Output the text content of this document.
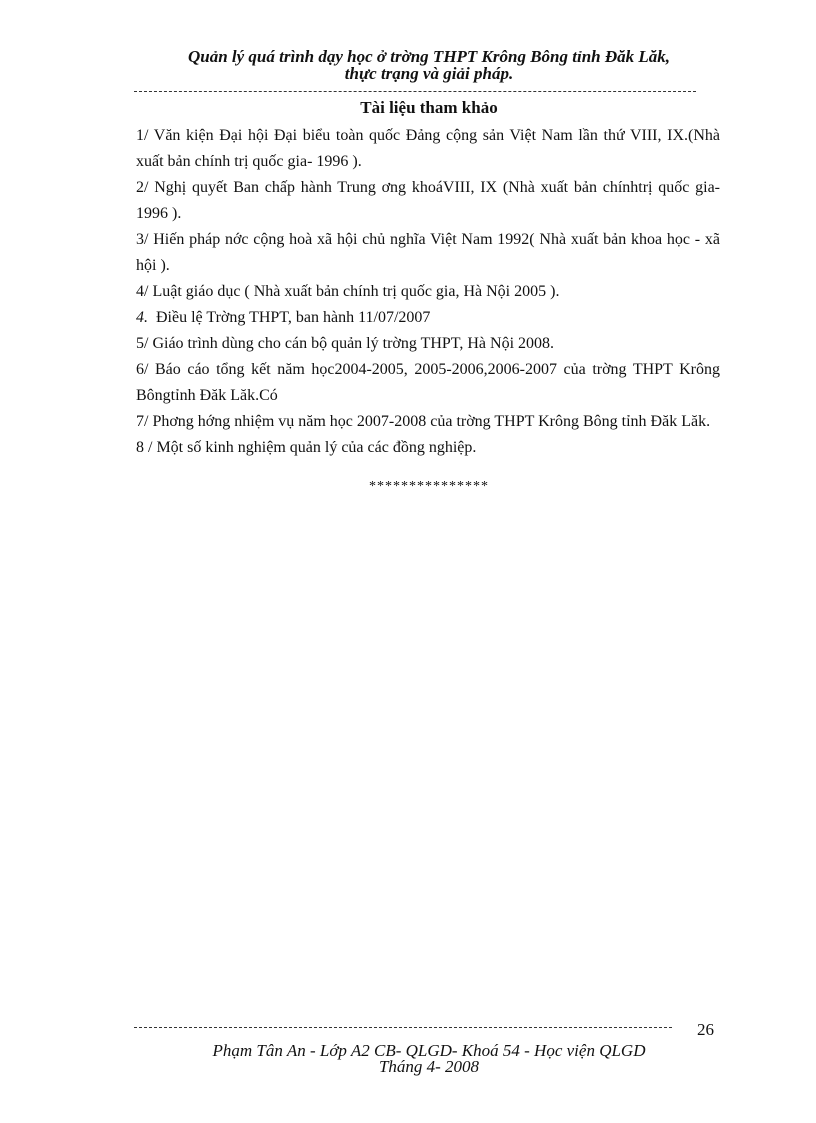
Quản lý quá trình dạy học ở trờng THPT Krông Bông tỉnh Đăk Lăk,
thực trạng và giải pháp.
Tài liệu tham khảo

1/ Văn kiện Đại hội Đại biểu toàn quốc Đảng cộng sản Việt Nam lần thứ VIII, IX.(Nhà xuất bản chính trị quốc gia- 1996 ).

2/ Nghị quyết Ban chấp hành Trung ơng khoáVIII, IX (Nhà xuất bản chínhtrị quốc gia- 1996 ).

3/ Hiến pháp nớc cộng hoà xã hội chủ nghĩa Việt Nam 1992( Nhà xuất bản khoa học - xã hội ).

4/ Luật giáo dục ( Nhà xuất bản chính trị quốc gia, Hà Nội 2005 ).

4. Điều lệ Trờng THPT, ban hành 11/07/2007

5/ Giáo trình dùng cho cán bộ quản lý trờng THPT, Hà Nội 2008.

6/ Báo cáo tổng kết năm học2004-2005, 2005-2006,2006-2007 của trờng THPT Krông Bôngtỉnh Đăk Lăk.Có

7/ Phơng hớng nhiệm vụ năm học 2007-2008 của trờng THPT Krông Bông tỉnh Đăk Lăk.

8 / Một số kinh nghiệm quản lý của các đồng nghiệp.

***************
26
Phạm Tân An - Lớp A2 CB- QLGD- Khoá 54 - Học viện QLGD
Tháng 4- 2008
